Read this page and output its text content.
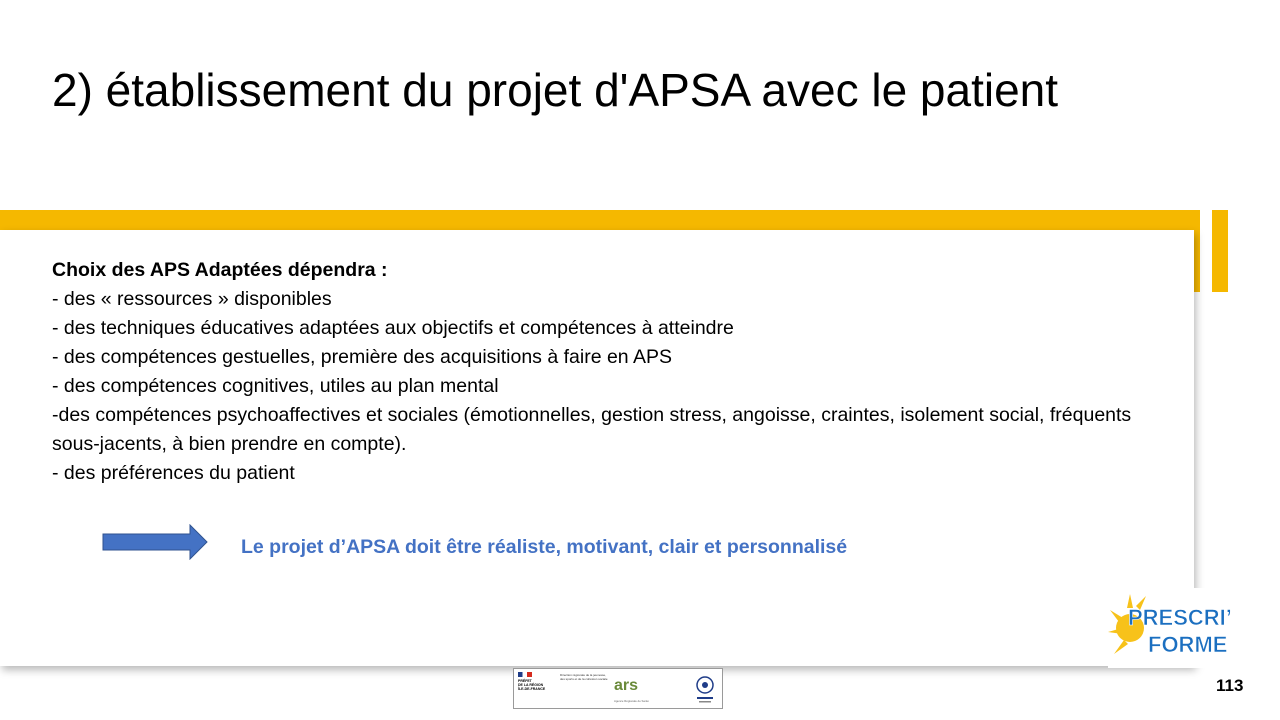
2) établissement du projet d'APSA avec le patient
Choix des APS Adaptées dépendra :
- des « ressources » disponibles
- des techniques éducatives adaptées aux objectifs et compétences à atteindre
- des compétences gestuelles, première des acquisitions à faire en APS
- des compétences cognitives, utiles au plan mental
-des compétences psychoaffectives et sociales (émotionnelles, gestion stress, angoisse, craintes, isolement social, fréquents sous-jacents, à bien prendre en compte).
- des préférences du patient
Le projet d’APSA doit être réaliste, motivant, clair et personnalisé
PRESCRI’
FORME
113
PRÉFET
DE LA RÉGION
ÎLE-DE-FRANCE
Direction régionale de la jeunesse, des sports et de la cohésion sociale ars
Agence Régionale de Santé
